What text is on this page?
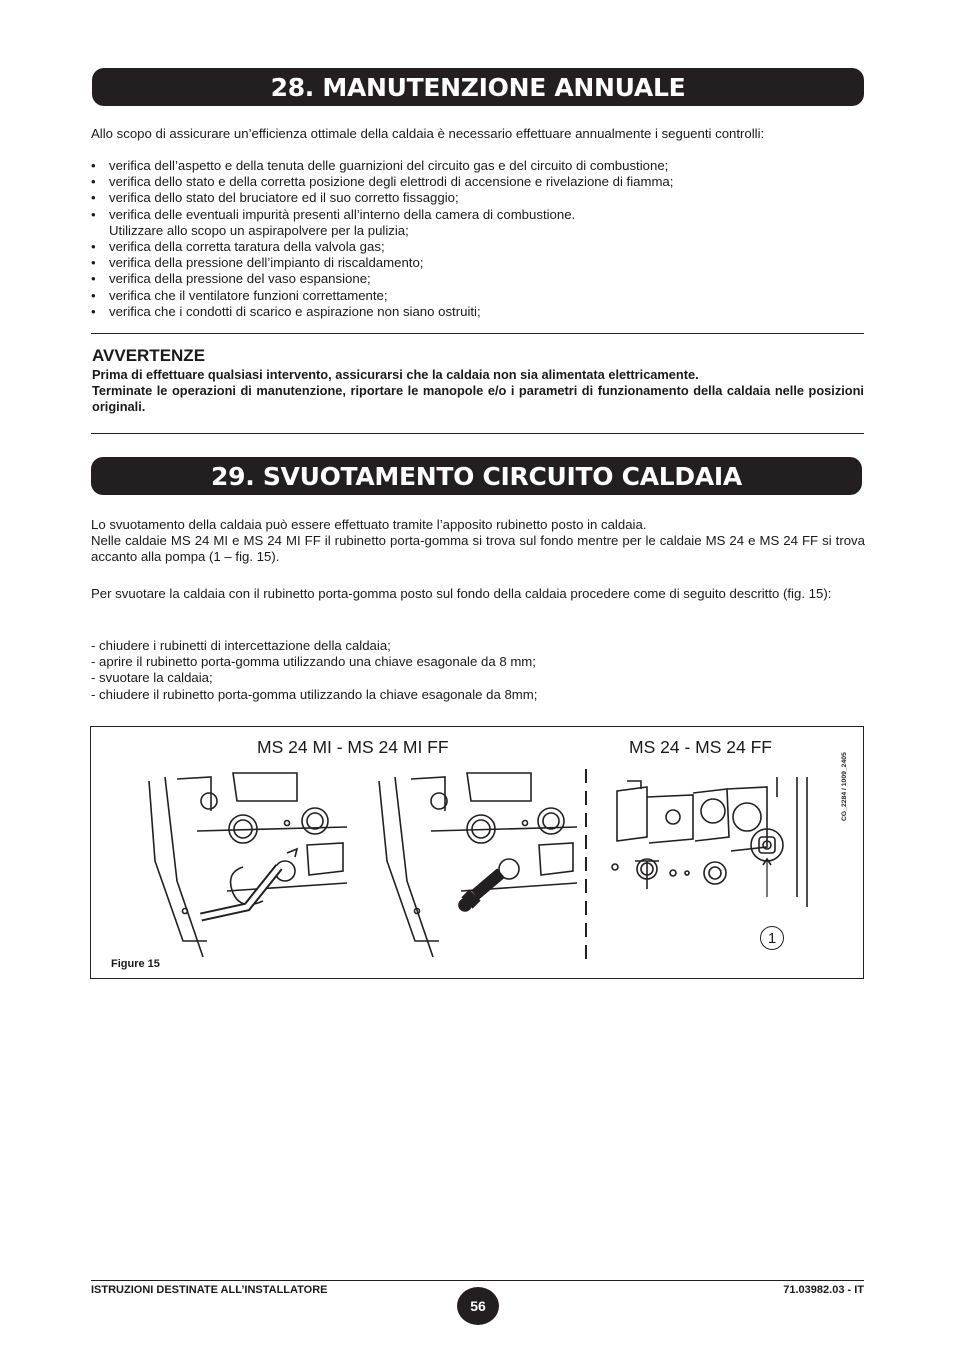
28. MANUTENZIONE ANNUALE
Allo scopo di assicurare un’efficienza ottimale della caldaia è necessario effettuare annualmente i seguenti controlli:
• verifica dell’aspetto e della tenuta delle guarnizioni del circuito gas e del circuito di combustione;
• verifica dello stato e della corretta posizione degli elettrodi di accensione e rivelazione di fiamma;
• verifica dello stato del bruciatore ed il suo corretto fissaggio;
• verifica delle eventuali impurità presenti all’interno della camera di combustione.
Utilizzare allo scopo un aspirapolvere per la pulizia;
• verifica della corretta taratura della valvola gas;
• verifica della pressione dell’impianto di riscaldamento;
• verifica della pressione del vaso espansione;
• verifica che il ventilatore funzioni correttamente;
• verifica che i condotti di scarico e aspirazione non siano ostruiti;
AVVERTENZE

Prima di effettuare qualsiasi intervento, assicurarsi che la caldaia non sia alimentata elettricamente.

Terminate le operazioni di manutenzione, riportare le manopole e/o i parametri di funzionamento della caldaia nelle posizioni originali.

29. SVUOTAMENTO CIRCUITO CALDAIA

Lo svuotamento della caldaia può essere effettuato tramite l’apposito rubinetto posto in caldaia.

Nelle caldaie MS 24 MI e MS 24 MI FF il rubinetto porta-gomma si trova sul fondo mentre per le caldaie MS 24 e MS 24 FF si trova accanto alla pompa (1 – fig. 15).

Per svuotare la caldaia con il rubinetto porta-gomma posto sul fondo della caldaia procedere come di seguito descritto (fig. 15):

- chiudere i rubinetti di intercettazione della caldaia;

- aprire il rubinetto porta-gomma utilizzando una chiave esagonale da 8 mm;

- svuotare la caldaia;

- chiudere il rubinetto porta-gomma utilizzando la chiave esagonale da 8mm;

MS 24 MI - MS 24 MI FF	MS 24 - MS 24 FF
CG_2284 / 1009_2405
1
Figure 15
ISTRUZIONI DESTINATE ALL’INSTALLATORE
56
71.03982.03 - IT
